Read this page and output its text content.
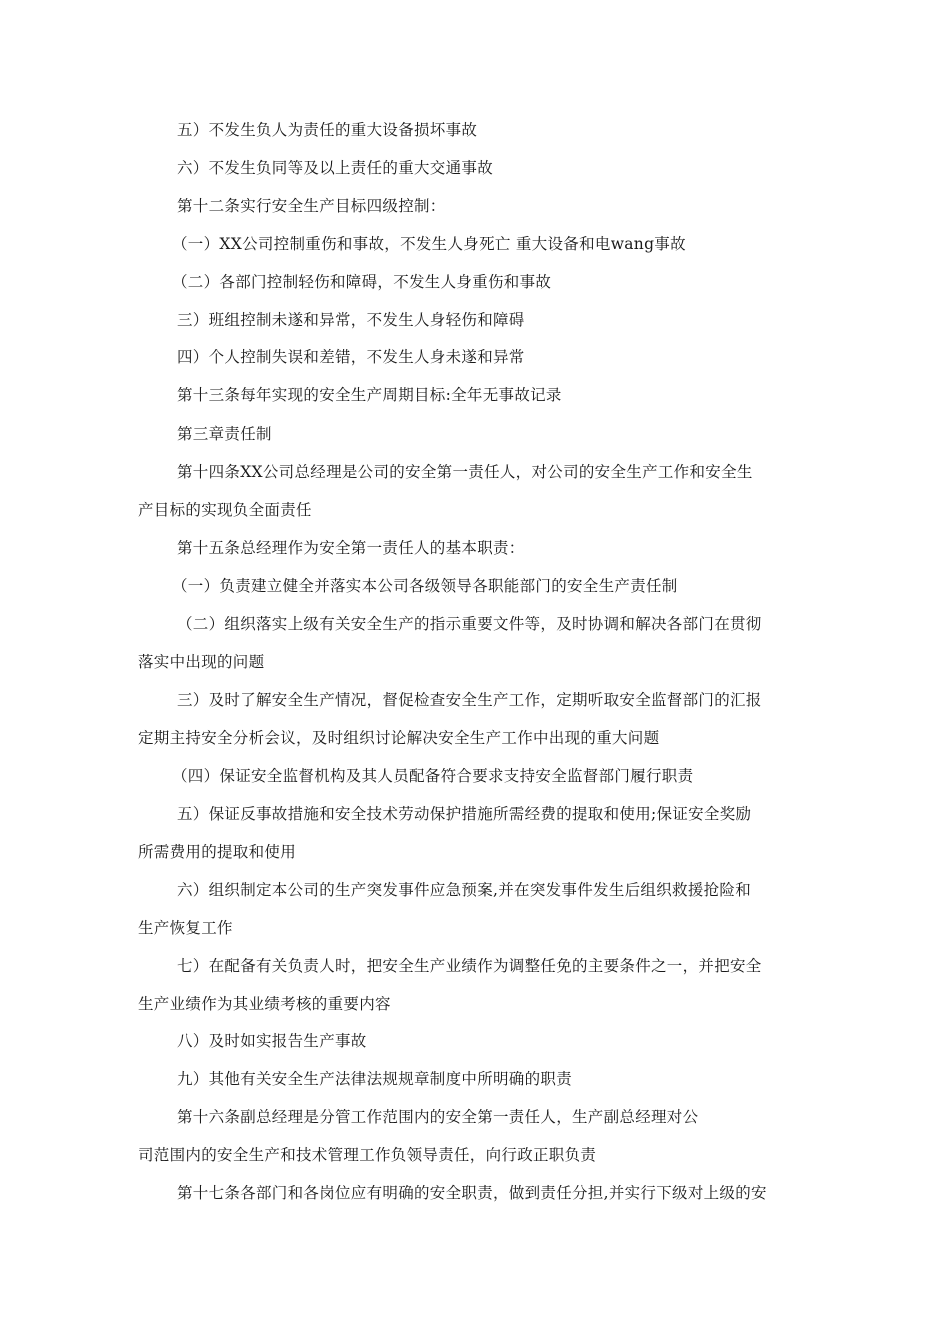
五）不发生负人为责任的重大设备损坏事故
六）不发生负同等及以上责任的重大交通事故
第十二条实行安全生产目标四级控制：
（一）XX公司控制重伤和事故，不发生人身死亡 重大设备和电wang事故
（二）各部门控制轻伤和障碍，不发生人身重伤和事故
三）班组控制未遂和异常，不发生人身轻伤和障碍
四）个人控制失误和差错，不发生人身未遂和异常
第十三条每年实现的安全生产周期目标:全年无事故记录
第三章责任制
第十四条XX公司总经理是公司的安全第一责任人，对公司的安全生产工作和安全生
产目标的实现负全面责任
第十五条总经理作为安全第一责任人的基本职责：
（一）负责建立健全并落实本公司各级领导各职能部门的安全生产责任制
（二）组织落实上级有关安全生产的指示重要文件等，及时协调和解决各部门在贯彻
落实中出现的问题
三）及时了解安全生产情况，督促检查安全生产工作，定期听取安全监督部门的汇报
定期主持安全分析会议，及时组织讨论解决安全生产工作中出现的重大问题
（四）保证安全监督机构及其人员配备符合要求支持安全监督部门履行职责
五）保证反事故措施和安全技术劳动保护措施所需经费的提取和使用;保证安全奖励
所需费用的提取和使用
六）组织制定本公司的生产突发事件应急预案,并在突发事件发生后组织救援抢险和
生产恢复工作
七）在配备有关负责人时，把安全生产业绩作为调整任免的主要条件之一，并把安全
生产业绩作为其业绩考核的重要内容
八）及时如实报告生产事故
九）其他有关安全生产法律法规规章制度中所明确的职责
第十六条副总经理是分管工作范围内的安全第一责任人，生产副总经理对公
司范围内的安全生产和技术管理工作负领导责任，向行政正职负责
第十七条各部门和各岗位应有明确的安全职责，做到责任分担,并实行下级对上级的安
